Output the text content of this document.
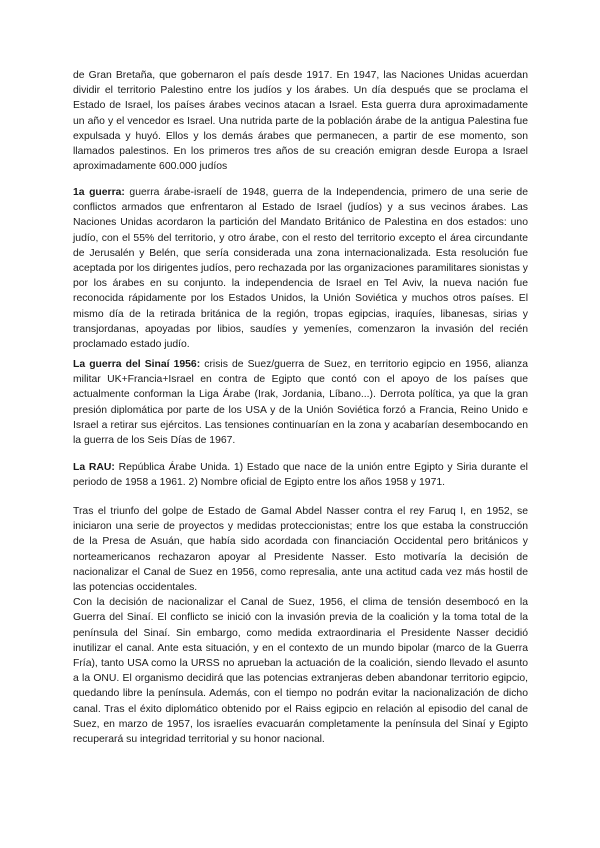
de Gran Bretaña, que gobernaron el país desde 1917. En 1947, las Naciones Unidas acuerdan dividir el territorio Palestino entre los judíos y los árabes. Un día después que se proclama el Estado de Israel, los países árabes vecinos atacan a Israel. Esta guerra dura aproximadamente un año y el vencedor es Israel. Una nutrida parte de la población árabe de la antigua Palestina fue expulsada y huyó. Ellos y los demás árabes que permanecen, a partir de ese momento, son llamados palestinos. En los primeros tres años de su creación emigran desde Europa a Israel aproximadamente 600.000 judíos

1a guerra: guerra árabe-israelí de 1948, guerra de la Independencia, primero de una serie de conflictos armados que enfrentaron al Estado de Israel (judíos) y a sus vecinos árabes. Las Naciones Unidas acordaron la partición del Mandato Británico de Palestina en dos estados: uno judío, con el 55% del territorio, y otro árabe, con el resto del territorio excepto el área circundante de Jerusalén y Belén, que sería considerada una zona internacionalizada. Esta resolución fue aceptada por los dirigentes judíos, pero rechazada por las organizaciones paramilitares sionistas y por los árabes en su conjunto. la independencia de Israel en Tel Aviv, la nueva nación fue reconocida rápidamente por los Estados Unidos, la Unión Soviética y muchos otros países. El mismo día de la retirada británica de la región, tropas egipcias, iraquíes, libanesas, sirias y transjordanas, apoyadas por libios, saudíes y yemeníes, comenzaron la invasión del recién proclamado estado judío.

La guerra del Sinaí 1956: crisis de Suez/guerra de Suez, en territorio egipcio en 1956, alianza militar UK+Francia+Israel en contra de Egipto que contó con el apoyo de los países que actualmente conforman la Liga Árabe (Irak, Jordania, Líbano...). Derrota política, ya que la gran presión diplomática por parte de los USA y de la Unión Soviética forzó a Francia, Reino Unido e Israel a retirar sus ejércitos. Las tensiones continuarían en la zona y acabarían desembocando en la guerra de los Seis Días de 1967.

La RAU: República Árabe Unida. 1) Estado que nace de la unión entre Egipto y Siria durante el periodo de 1958 a 1961. 2) Nombre oficial de Egipto entre los años 1958 y 1971.

Tras el triunfo del golpe de Estado de Gamal Abdel Nasser contra el rey Faruq I, en 1952, se iniciaron una serie de proyectos y medidas proteccionistas; entre los que estaba la construcción de la Presa de Asuán, que había sido acordada con financiación Occidental pero británicos y norteamericanos rechazaron apoyar al Presidente Nasser. Esto motivaría la decisión de nacionalizar el Canal de Suez en 1956, como represalia, ante una actitud cada vez más hostil de las potencias occidentales.
Con la decisión de nacionalizar el Canal de Suez, 1956, el clima de tensión desembocó en la Guerra del Sinaí. El conflicto se inició con la invasión previa de la coalición y la toma total de la península del Sinaí. Sin embargo, como medida extraordinaria el Presidente Nasser decidió inutilizar el canal. Ante esta situación, y en el contexto de un mundo bipolar (marco de la Guerra Fría), tanto USA como la URSS no aprueban la actuación de la coalición, siendo llevado el asunto a la ONU. El organismo decidirá que las potencias extranjeras deben abandonar territorio egipcio, quedando libre la península. Además, con el tiempo no podrán evitar la nacionalización de dicho canal. Tras el éxito diplomático obtenido por el Raiss egipcio en relación al episodio del canal de Suez, en marzo de 1957, los israelíes evacuarán completamente la península del Sinaí y Egipto recuperará su integridad territorial y su honor nacional.
